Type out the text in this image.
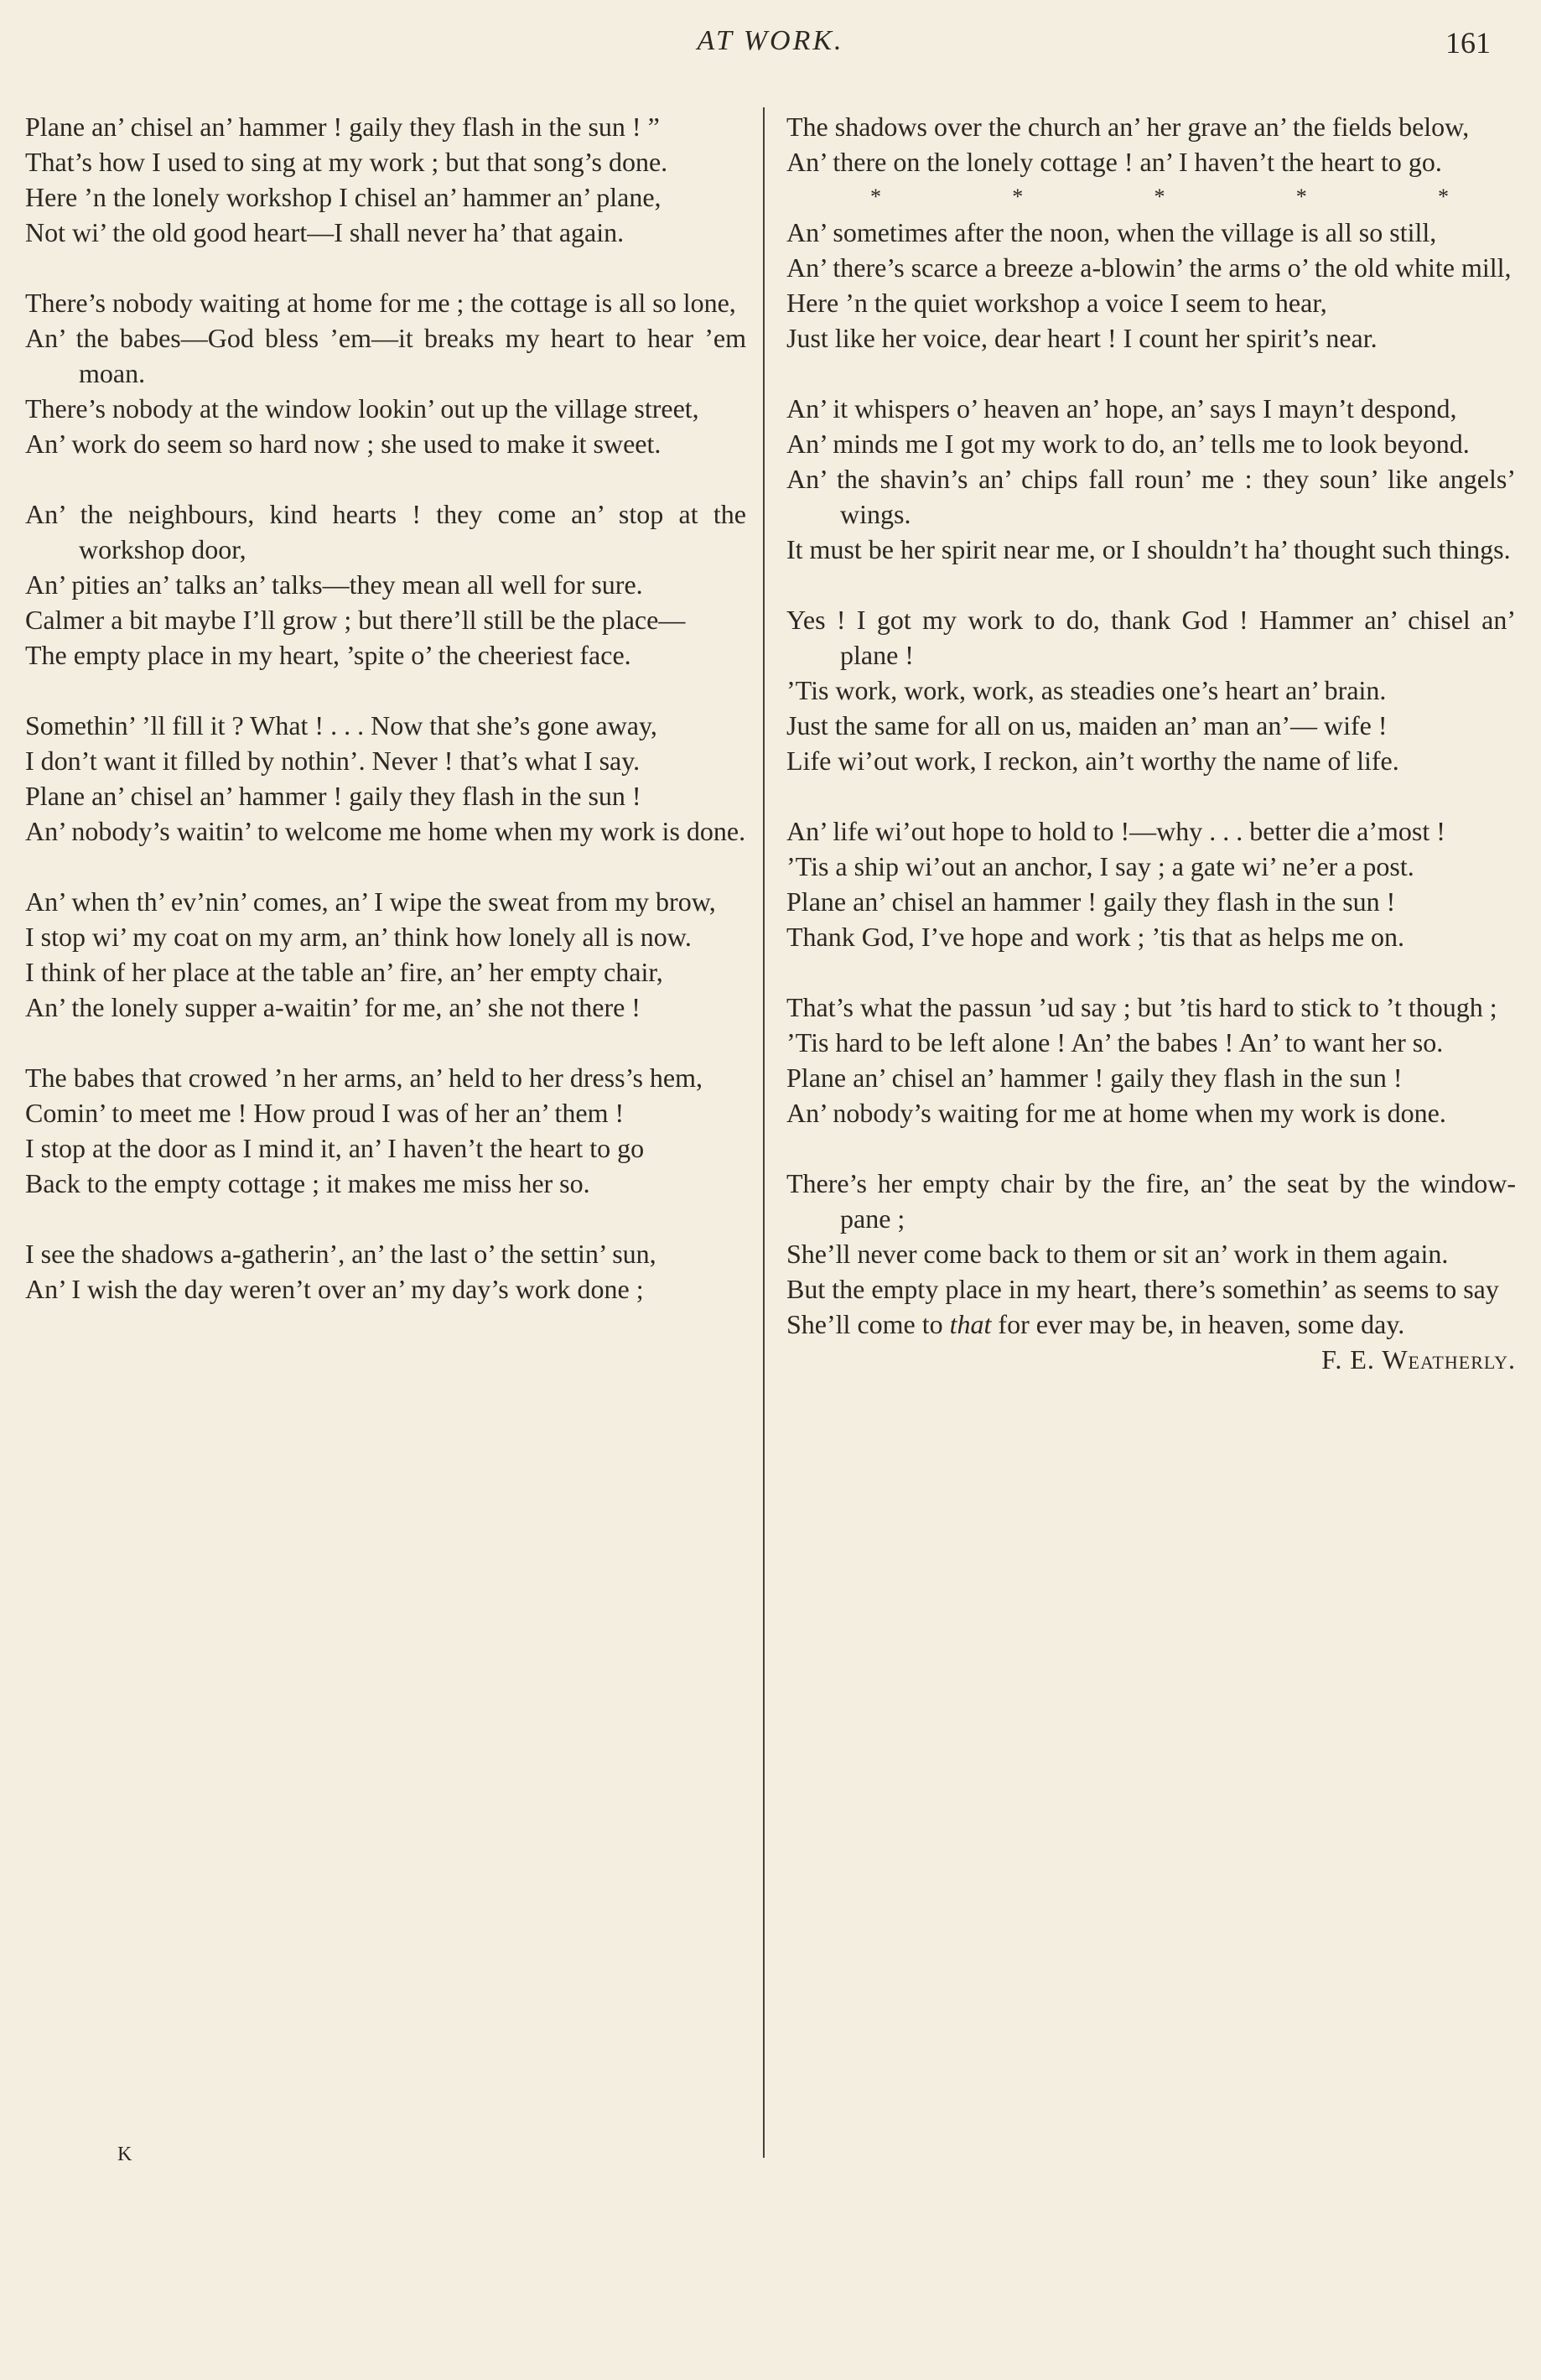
AT WORK.	161
Plane an’ chisel an’ hammer ! gaily they flash in the sun ! ”
That’s how I used to sing at my work ; but that song’s done.
Here ’n the lonely workshop I chisel an’ hammer an’ plane,
Not wi’ the old good heart—I shall never ha’ that again.
There’s nobody waiting at home for me ; the cottage is all so lone,
An’ the babes—God bless ’em—it breaks my heart to hear ’em moan.
There’s nobody at the window lookin’ out up the village street,
An’ work do seem so hard now ; she used to make it sweet.
An’ the neighbours, kind hearts ! they come an’ stop at the workshop door,
An’ pities an’ talks an’ talks—they mean all well for sure.
Calmer a bit maybe I’ll grow ; but there’ll still be the place—
The empty place in my heart, ’spite o’ the cheeriest face.
Somethin’ ’ll fill it ? What ! . . . Now that she’s gone away,
I don’t want it filled by nothin’. Never ! that’s what I say.
Plane an’ chisel an’ hammer ! gaily they flash in the sun !
An’ nobody’s waitin’ to welcome me home when my work is done.
An’ when th’ ev’nin’ comes, an’ I wipe the sweat from my brow,
I stop wi’ my coat on my arm, an’ think how lonely all is now.
I think of her place at the table an’ fire, an’ her empty chair,
An’ the lonely supper a-waitin’ for me, an’ she not there !
The babes that crowed ’n her arms, an’ held to her dress’s hem,
Comin’ to meet me ! How proud I was of her an’ them !
I stop at the door as I mind it, an’ I haven’t the heart to go
Back to the empty cottage ; it makes me miss her so.
I see the shadows a-gatherin’, an’ the last o’ the settin’ sun,
An’ I wish the day weren’t over an’ my day’s work done ;
K
The shadows over the church an’ her grave an’ the fields below,
An’ there on the lonely cottage ! an’ I haven’t the heart to go.
*	*	*	*	*
An’ sometimes after the noon, when the village is all so still,
An’ there’s scarce a breeze a-blowin’ the arms o’ the old white mill,
Here ’n the quiet workshop a voice I seem to hear,
Just like her voice, dear heart ! I count her spirit’s near.
An’ it whispers o’ heaven an’ hope, an’ says I mayn’t despond,
An’ minds me I got my work to do, an’ tells me to look beyond.
An’ the shavin’s an’ chips fall roun’ me : they soun’ like angels’ wings.
It must be her spirit near me, or I shouldn’t ha’ thought such things.
Yes ! I got my work to do, thank God ! Hammer an’ chisel an’ plane !
’Tis work, work, work, as steadies one’s heart an’ brain.
Just the same for all on us, maiden an’ man an’— wife !
Life wi’out work, I reckon, ain’t worthy the name of life.
An’ life wi’out hope to hold to !—why . . . better die a’most !
’Tis a ship wi’out an anchor, I say ; a gate wi’ ne’er a post.
Plane an’ chisel an hammer ! gaily they flash in the sun !
Thank God, I’ve hope and work ; ’tis that as helps me on.
That’s what the passun ’ud say ; but ’tis hard to stick to ’t though ;
’Tis hard to be left alone ! An’ the babes ! An’ to want her so.
Plane an’ chisel an’ hammer ! gaily they flash in the sun !
An’ nobody’s waiting for me at home when my work is done.
There’s her empty chair by the fire, an’ the seat by the window-pane ;
She’ll never come back to them or sit an’ work in them again.
But the empty place in my heart, there’s somethin’ as seems to say
She’ll come to that for ever may be, in heaven, some day.
F. E. Weatherly.
